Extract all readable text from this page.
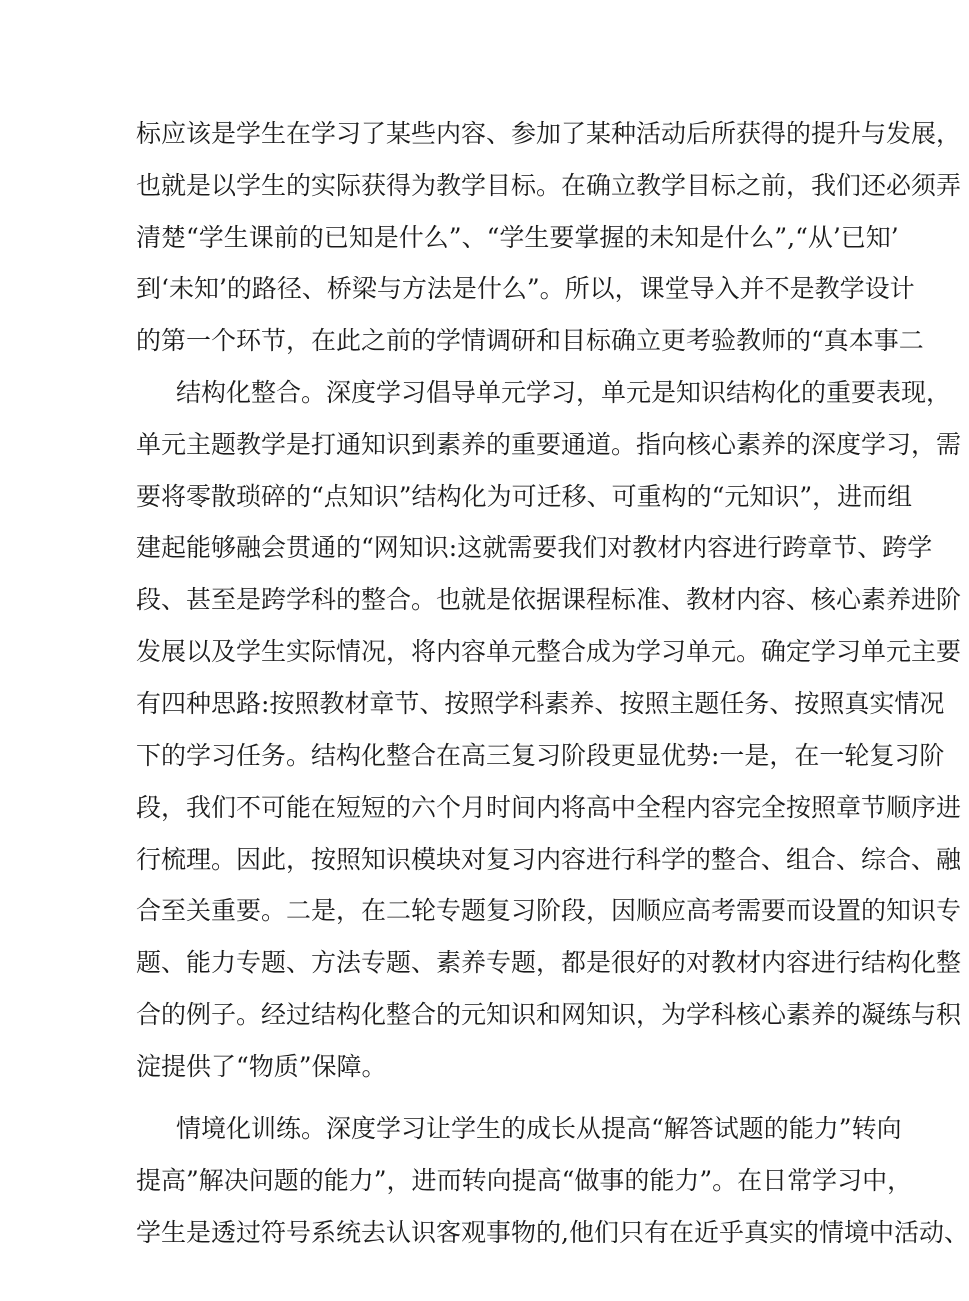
标应该是学生在学习了某些内容、参加了某种活动后所获得的提升与发展，
也就是以学生的实际获得为教学目标。在确立教学目标之前，我们还必须弄
清楚“学生课前的已知是什么”、“学生要掌握的未知是什么”,“从’已知’
到‘未知’的路径、桥梁与方法是什么”。所以，课堂导入并不是教学设计
的第一个环节，在此之前的学情调研和目标确立更考验教师的“真本事二
结构化整合。深度学习倡导单元学习，单元是知识结构化的重要表现，
单元主题教学是打通知识到素养的重要通道。指向核心素养的深度学习，需
要将零散琐碎的“点知识”结构化为可迁移、可重构的“元知识”，进而组
建起能够融会贯通的“网知识:这就需要我们对教材内容进行跨章节、跨学
段、甚至是跨学科的整合。也就是依据课程标准、教材内容、核心素养进阶
发展以及学生实际情况，将内容单元整合成为学习单元。确定学习单元主要
有四种思路:按照教材章节、按照学科素养、按照主题任务、按照真实情况
下的学习任务。结构化整合在高三复习阶段更显优势:一是，在一轮复习阶
段，我们不可能在短短的六个月时间内将高中全程内容完全按照章节顺序进
行梳理。因此，按照知识模块对复习内容进行科学的整合、组合、综合、融
合至关重要。二是，在二轮专题复习阶段，因顺应高考需要而设置的知识专
题、能力专题、方法专题、素养专题，都是很好的对教材内容进行结构化整
合的例子。经过结构化整合的元知识和网知识，为学科核心素养的凝练与积
淀提供了“物质”保障。
情境化训练。深度学习让学生的成长从提高“解答试题的能力”转向
提高”解决问题的能力”，进而转向提高“做事的能力”。在日常学习中，
学生是透过符号系统去认识客观事物的,他们只有在近乎真实的情境中活动、
